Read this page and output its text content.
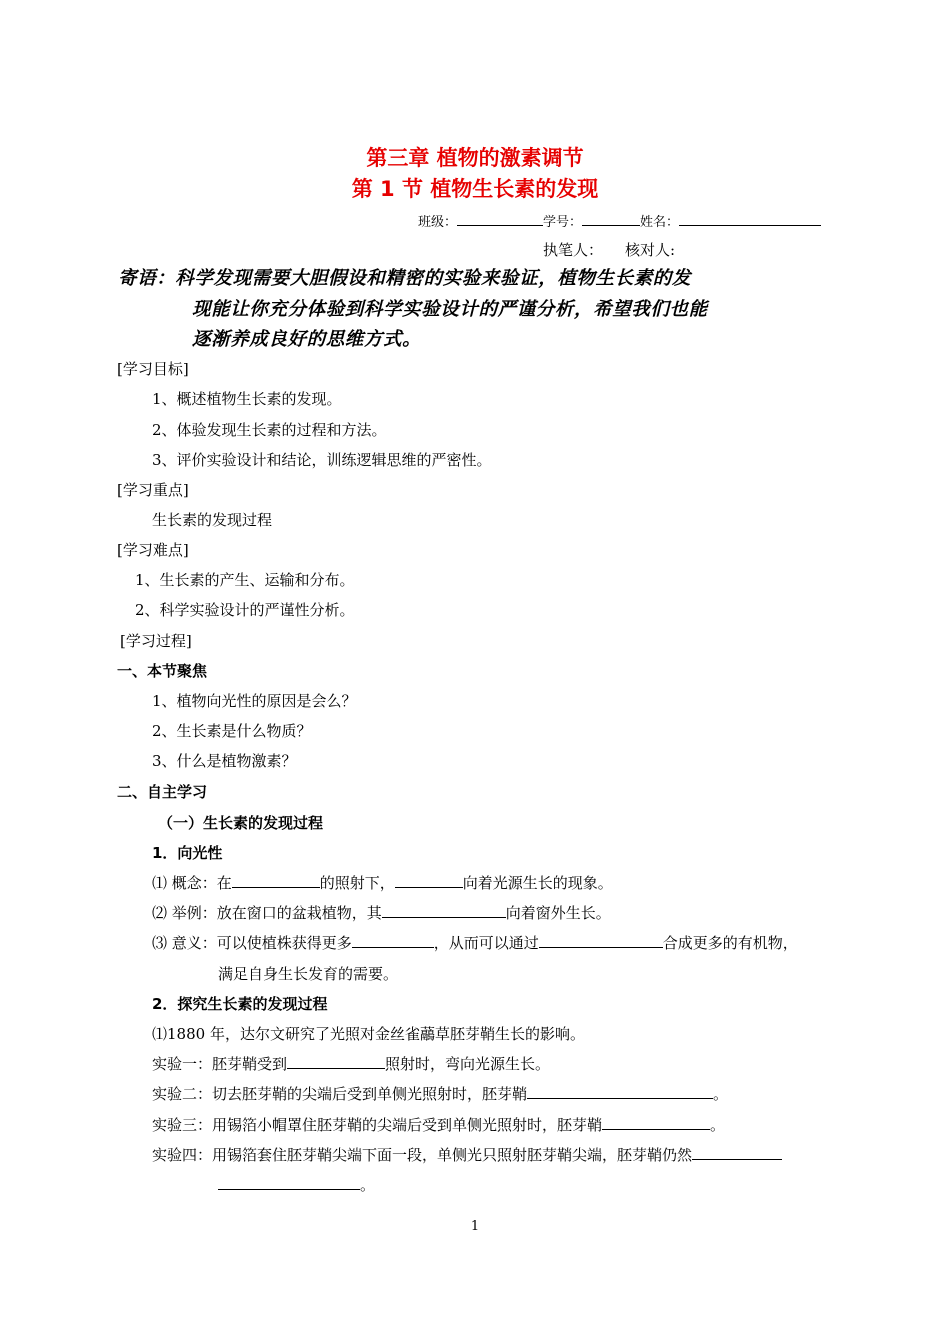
第三章 植物的激素调节
第 1 节 植物生长素的发现
班级：	学号：	姓名：
执笔人： 核对人:
寄语：科学发现需要大胆假设和精密的实验来验证，植物生长素的发
现能让你充分体验到科学实验设计的严谨分析，希望我们也能
逐渐养成良好的思维方式。
[学习目标]
1、概述植物生长素的发现。
2、体验发现生长素的过程和方法。
3、评价实验设计和结论，训练逻辑思维的严密性。
[学习重点]
生长素的发现过程
[学习难点]
1、生长素的产生、运输和分布。
2、科学实验设计的严谨性分析。
[学习过程]
一、本节聚焦
1、植物向光性的原因是会么？
2、生长素是什么物质？
3、什么是植物激素？
二、自主学习
（一）生长素的发现过程
1．向光性
⑴ 概念：在	的照射下，	向着光源生长的现象。
⑵ 举例：放在窗口的盆栽植物，其	向着窗外生长。
⑶ 意义：可以使植株获得更多	，从而可以通过	合成更多的有机物，
满足自身生长发育的需要。
2．探究生长素的发现过程
⑴1880 年，达尔文研究了光照对金丝雀虉草胚芽鞘生长的影响。
实验一：胚芽鞘受到	照射时，弯向光源生长。
实验二：切去胚芽鞘的尖端后受到单侧光照射时，胚芽鞘	。
实验三：用锡箔小帽罩住胚芽鞘的尖端后受到单侧光照射时，胚芽鞘	。
实验四：用锡箔套住胚芽鞘尖端下面一段，单侧光只照射胚芽鞘尖端，胚芽鞘仍然
。
1
